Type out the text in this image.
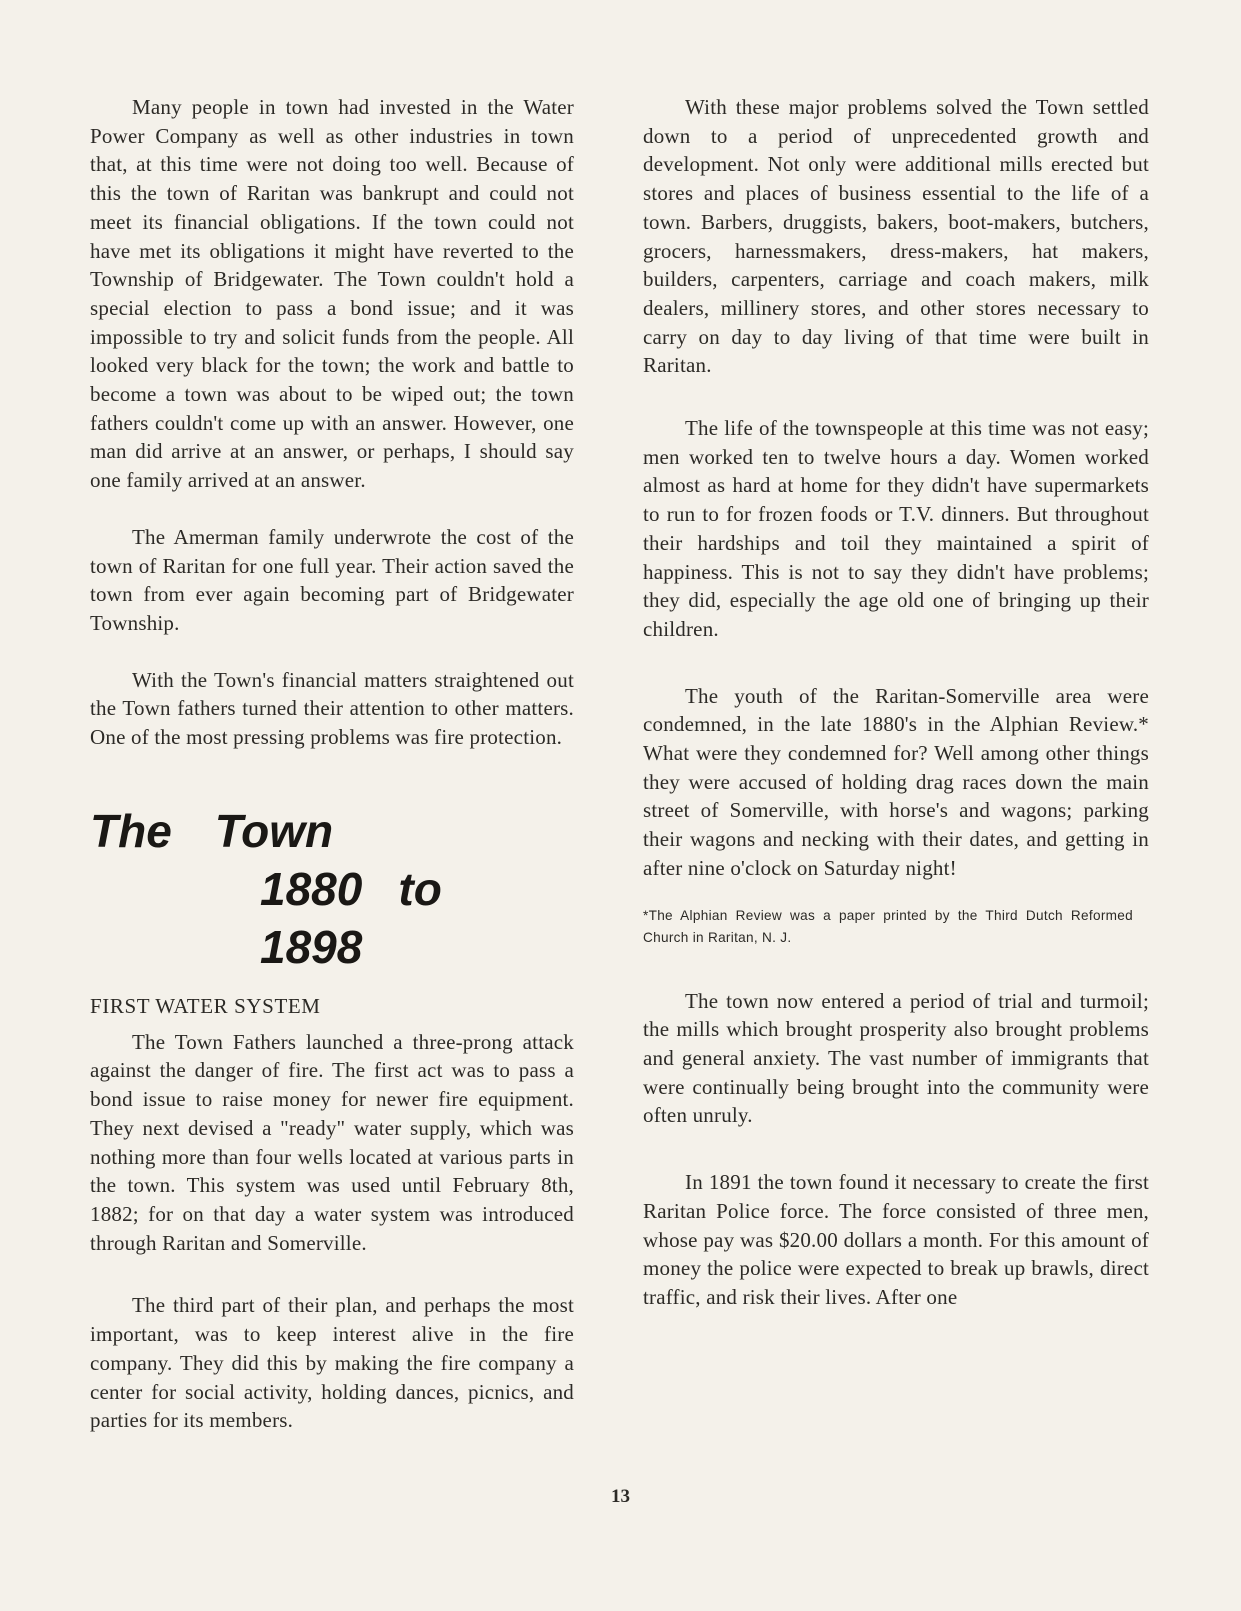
Many people in town had invested in the Water Power Company as well as other industries in town that, at this time were not doing too well. Because of this the town of Raritan was bankrupt and could not meet its financial obligations. If the town could not have met its obligations it might have reverted to the Township of Bridgewater. The Town couldn't hold a special election to pass a bond issue; and it was impossible to try and solicit funds from the people. All looked very black for the town; the work and battle to become a town was about to be wiped out; the town fathers couldn't come up with an answer. However, one man did arrive at an answer, or perhaps, I should say one family arrived at an answer.

The Amerman family underwrote the cost of the town of Raritan for one full year. Their action saved the town from ever again becoming part of Bridgewater Township.

With the Town's financial matters straightened out the Town fathers turned their attention to other matters. One of the most pressing problems was fire protection.

The Town
1880 to 1898
FIRST WATER SYSTEM

The Town Fathers launched a three-prong attack against the danger of fire. The first act was to pass a bond issue to raise money for newer fire equipment. They next devised a "ready" water supply, which was nothing more than four wells located at various parts in the town. This system was used until February 8th, 1882; for on that day a water system was introduced through Raritan and Somerville.

The third part of their plan, and perhaps the most important, was to keep interest alive in the fire company. They did this by making the fire company a center for social activity, holding dances, picnics, and parties for its members.

With these major problems solved the Town settled down to a period of unprecedented growth and development. Not only were additional mills erected but stores and places of business essential to the life of a town. Barbers, druggists, bakers, boot-makers, butchers, grocers, harnessmakers, dress-makers, hat makers, builders, carpenters, carriage and coach makers, milk dealers, millinery stores, and other stores necessary to carry on day to day living of that time were built in Raritan.

The life of the townspeople at this time was not easy; men worked ten to twelve hours a day. Women worked almost as hard at home for they didn't have supermarkets to run to for frozen foods or T.V. dinners. But throughout their hardships and toil they maintained a spirit of happiness. This is not to say they didn't have problems; they did, especially the age old one of bringing up their children.

The youth of the Raritan-Somerville area were condemned, in the late 1880's in the Alphian Review.* What were they condemned for? Well among other things they were accused of holding drag races down the main street of Somerville, with horse's and wagons; parking their wagons and necking with their dates, and getting in after nine o'clock on Saturday night!

*The Alphian Review was a paper printed by the Third Dutch Reformed Church in Raritan, N. J.

The town now entered a period of trial and turmoil; the mills which brought prosperity also brought problems and general anxiety. The vast number of immigrants that were continually being brought into the community were often unruly.

In 1891 the town found it necessary to create the first Raritan Police force. The force consisted of three men, whose pay was $20.00 dollars a month. For this amount of money the police were expected to break up brawls, direct traffic, and risk their lives. After one

13
